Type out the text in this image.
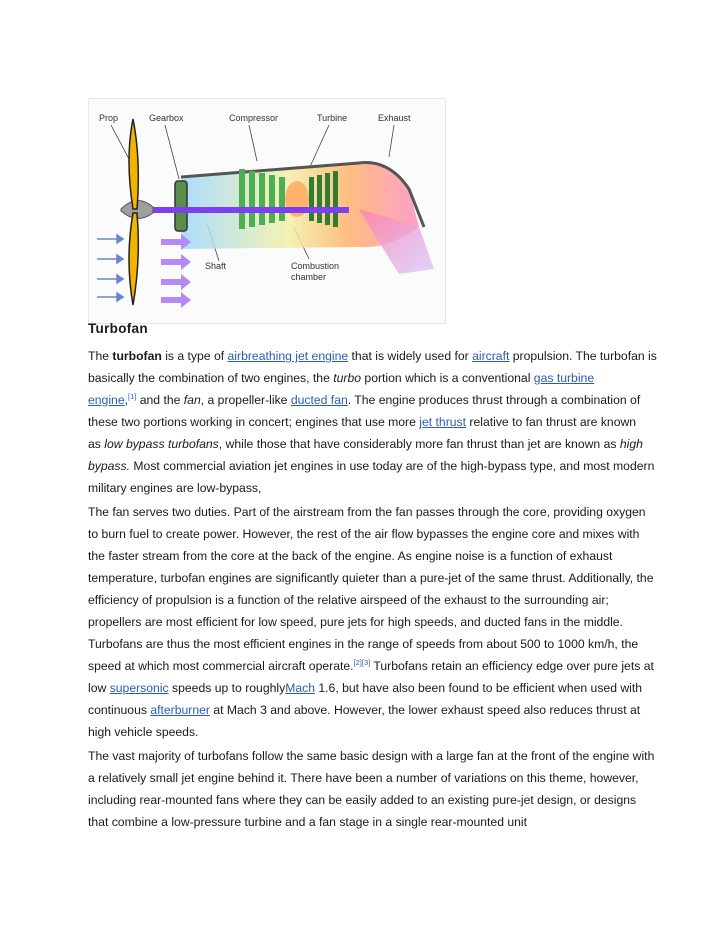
Prop	Gearbox	Compressor	Turbine	Exhaust
Shaft	Combustion
chamber
Turbofan
The turbofan is a type of airbreathing jet engine that is widely used for aircraft propulsion. The turbofan is
basically the combination of two engines, the turbo portion which is a conventional gas turbine
engine,[1] and the fan, a propeller-like ducted fan. The engine produces thrust through a combination of
these two portions working in concert; engines that use more jet thrust relative to fan thrust are known
as low bypass turbofans, while those that have considerably more fan thrust than jet are known as high
bypass. Most commercial aviation jet engines in use today are of the high-bypass type, and most modern
military engines are low-bypass,
The fan serves two duties. Part of the airstream from the fan passes through the core, providing oxygen
to burn fuel to create power. However, the rest of the air flow bypasses the engine core and mixes with
the faster stream from the core at the back of the engine. As engine noise is a function of exhaust
temperature, turbofan engines are significantly quieter than a pure-jet of the same thrust. Additionally, the
efficiency of propulsion is a function of the relative airspeed of the exhaust to the surrounding air;
propellers are most efficient for low speed, pure jets for high speeds, and ducted fans in the middle.
Turbofans are thus the most efficient engines in the range of speeds from about 500 to 1000 km/h, the
speed at which most commercial aircraft operate.[2][3] Turbofans retain an efficiency edge over pure jets at
low supersonic speeds up to roughlyMach 1.6, but have also been found to be efficient when used with
continuous afterburner at Mach 3 and above. However, the lower exhaust speed also reduces thrust at
high vehicle speeds.
The vast majority of turbofans follow the same basic design with a large fan at the front of the engine with
a relatively small jet engine behind it. There have been a number of variations on this theme, however,
including rear-mounted fans where they can be easily added to an existing pure-jet design, or designs
that combine a low-pressure turbine and a fan stage in a single rear-mounted unit
